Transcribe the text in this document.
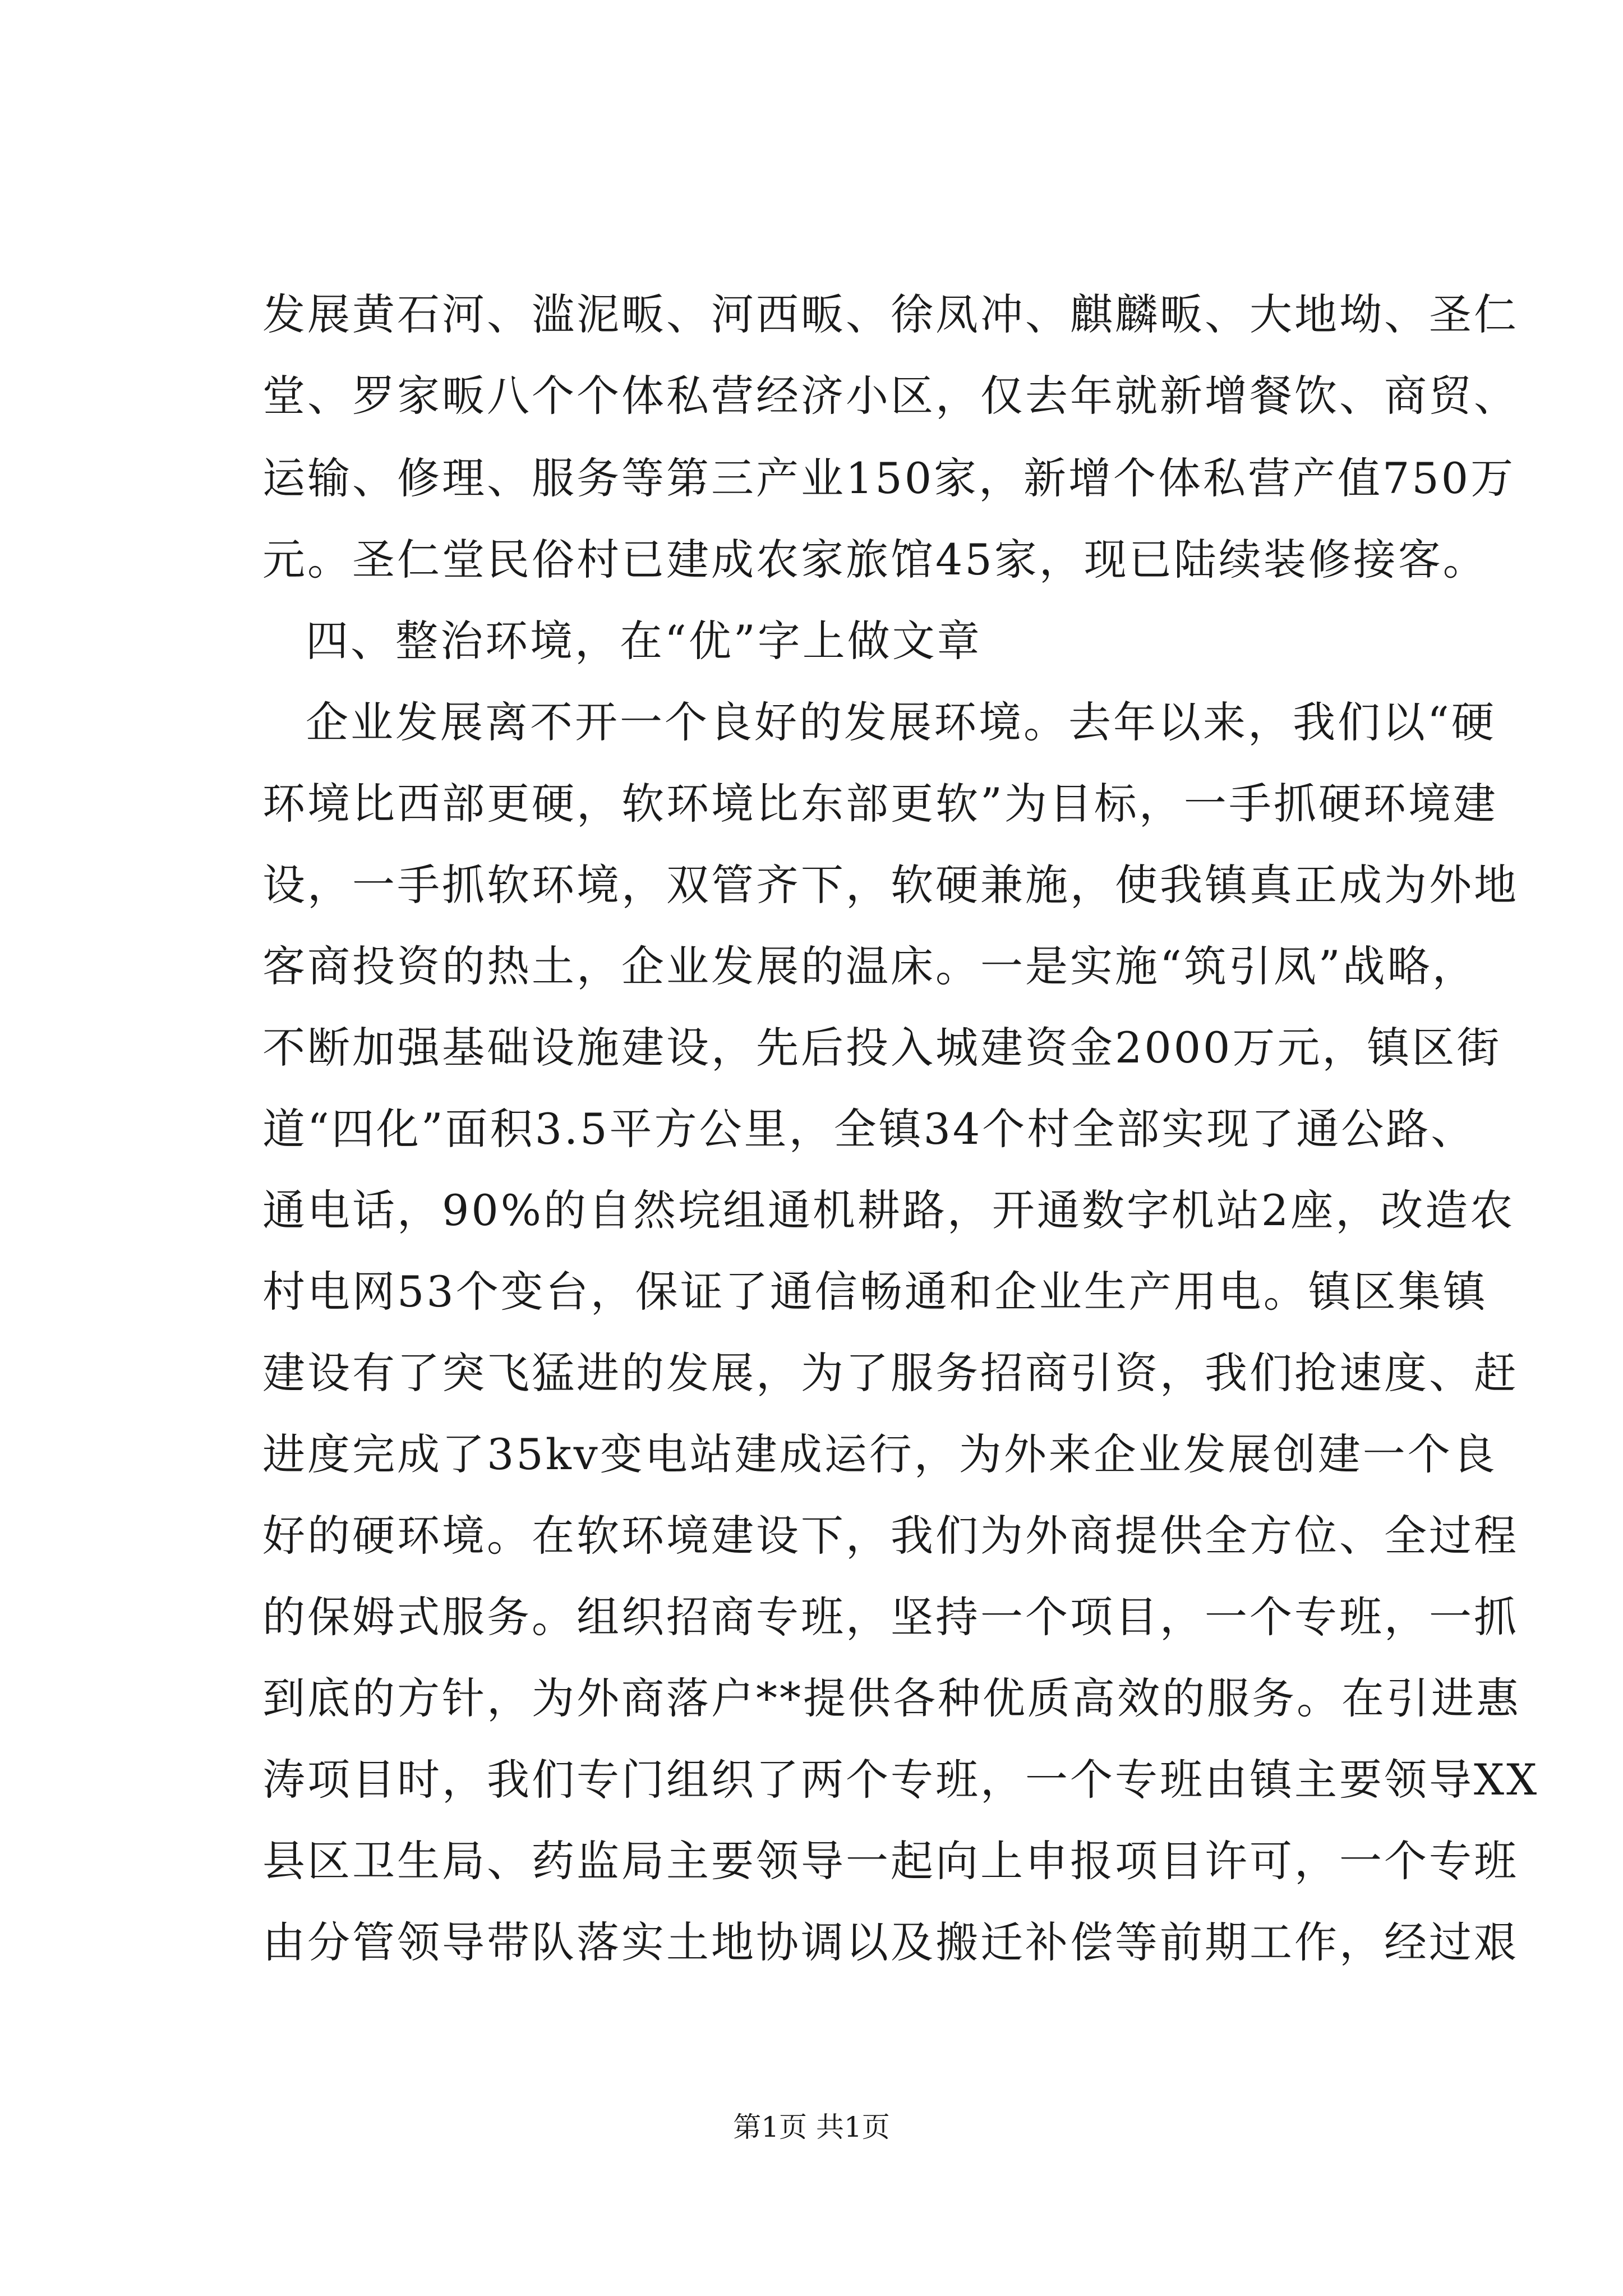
发展黄石河、滥泥畈、河西畈、徐凤冲、麒麟畈、大地坳、圣仁
堂、罗家畈八个个体私营经济小区，仅去年就新增餐饮、商贸、
运输、修理、服务等第三产业150家，新增个体私营产值750万
元。圣仁堂民俗村已建成农家旅馆45家，现已陆续装修接客。
四、整治环境，在“优”字上做文章
企业发展离不开一个良好的发展环境。去年以来，我们以“硬
环境比西部更硬，软环境比东部更软”为目标，一手抓硬环境建
设，一手抓软环境，双管齐下，软硬兼施，使我镇真正成为外地
客商投资的热土，企业发展的温床。一是实施“筑引凤”战略，
不断加强基础设施建设，先后投入城建资金2000万元，镇区街
道“四化”面积3.5平方公里，全镇34个村全部实现了通公路、
通电话，90%的自然垸组通机耕路，开通数字机站2座，改造农
村电网53个变台，保证了通信畅通和企业生产用电。镇区集镇
建设有了突飞猛进的发展，为了服务招商引资，我们抢速度、赶
进度完成了35kv变电站建成运行，为外来企业发展创建一个良
好的硬环境。在软环境建设下，我们为外商提供全方位、全过程
的保姆式服务。组织招商专班，坚持一个项目，一个专班，一抓
到底的方针，为外商落户**提供各种优质高效的服务。在引进惠
涛项目时，我们专门组织了两个专班，一个专班由镇主要领导XX
县区卫生局、药监局主要领导一起向上申报项目许可，一个专班
由分管领导带队落实土地协调以及搬迁补偿等前期工作，经过艰
第1页 共1页
